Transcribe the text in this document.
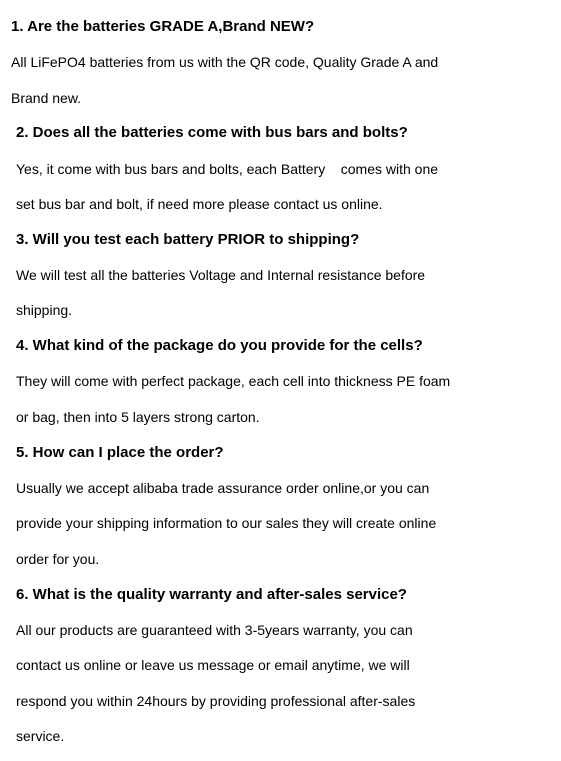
1. Are the batteries GRADE A,Brand NEW?
All LiFePO4 batteries from us with the QR code, Quality Grade A and
Brand new.
2. Does all the batteries come with bus bars and bolts?
Yes, it come with bus bars and bolts, each Battery    comes with one
set bus bar and bolt, if need more please contact us online.
3. Will you test each battery PRIOR to shipping?
We will test all the batteries Voltage and Internal resistance before
shipping.
4. What kind of the package do you provide for the cells?
They will come with perfect package, each cell into thickness PE foam
or bag, then into 5 layers strong carton.
5. How can I place the order?
Usually we accept alibaba trade assurance order online,or you can
provide your shipping information to our sales they will create online
order for you.
6. What is the quality warranty and after-sales service?
All our products are guaranteed with 3-5years warranty, you can
contact us online or leave us message or email anytime, we will
respond you within 24hours by providing professional after-sales
service.
